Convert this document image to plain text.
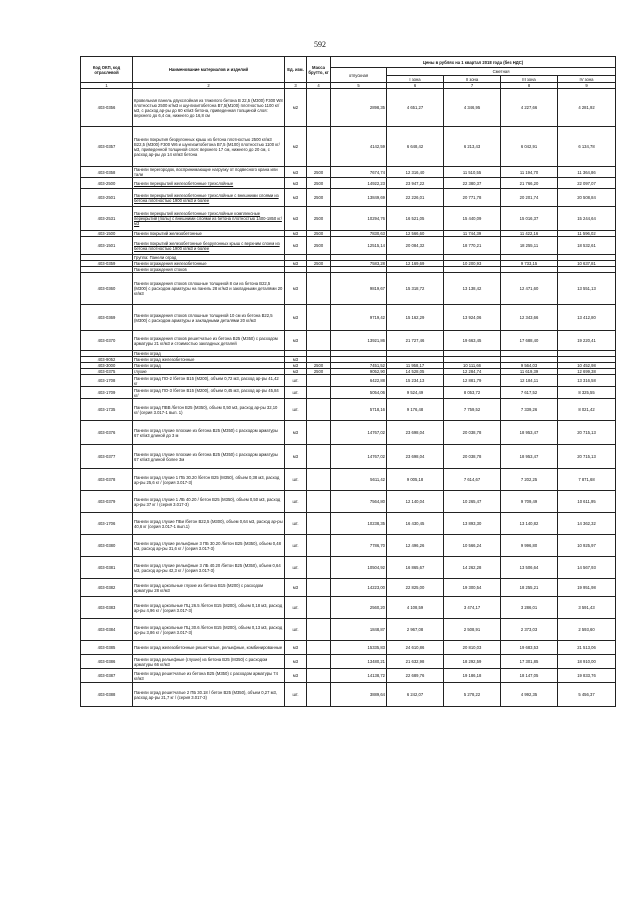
592
Код ОКП, код отраслевой	Наименование материалов и изделий	Ед. изм.	Масса брутто, кг	Цены в рублях на 1 квартал 2018 года (без НДС)				
				отпускная	Сметная			
					I зона	II зона	III зона	IV зона
1	2	3	4	5	6	7	8	9
403-0356	Кровельная панель двухслойная из тяжелого бетона В 22,5 (М300) F300 W8 плотностью 2500 кг/м3 и шунгизитобетона В7,5(М100) плотностью 1100 кг/м3, с расход ар-ры до 60 кг/м3 бетона, приведенная толщиной слоя: верхнего до 6,4 см, нижнего до 16,8 см	м2		2898,35	4 651,27	4 346,95	4 227,66	4 281,92
403-0357	Панели покрытия безрулонных крыш из бетона плотностью 2500 кг/м3 В22,5 (М300) F300 W6 и шунгизитобетона В7,5 (М100) плотностью 1100 кг/м3, приведенной толщиной слоя: верхнего 17 см, нижнего до 20 см, с расход ар-ры до 14 кг/м3 бетона	м2		4142,59	6 648,42	6 213,43	6 042,91	6 134,78
403-0358	Панели перегородок, воспринимающие нагрузку от подвесного крана или тали	м3	2500	7674,74	12 316,40	11 510,55	11 194,70	11 364,86
403-2500	Панели перекрытий железобетонные трехслойные	м3	2500	14922,23	23 947,22	22 380,37	21 766,20	22 097,07
403-2501	Панели перекрытий железобетонные трехслойные с внешними слоями из бетона плотностью 1900 кг/м3 и более	м3	2500	13849,69	22 226,01	20 771,78	20 201,74	20 508,84
403-2531	Панели перекрытий железобетонные трехслойные комплексные перекрытий (полы) с внешними слоями из бетона плотностью 1400-1850 кг/м3	м3	2500	10294,76	16 521,05	15 440,09	15 016,37	15 244,64
403-1500	Панели покрытий железобетонные	м3	2500	7830,63	12 566,60	11 744,39	11 422,16	11 596,02
403-1501	Панели покрытий железобетонные безрулонных крыш с верхним слоем из бетона плотностью 1900 кг/м3 и более	м3	2500	12515,14	20 084,32	18 770,21	18 255,11	18 532,61
	Группа: Панели оград							
403-0359	Панели ограждения железобетонные	м3	2500	7583,28	12 169,69	10 200,93	9 733,15	10 637,81
	Панели ограждения стоков							
403-0360	Панели ограждения стоков сплошные толщиной 8 см из бетона В22,5 (М300) с расходом арматуры на панель 28 кг/м3 и закладными деталями 20 кг/м3	м3		9819,67	15 318,72	13 138,42	12 471,60	13 551,13
403-0369	Панели ограждения стоков сплошные толщиной 10 см из бетона В22,5 (М300) с расходом арматуры и закладными деталями 20 кг/м3	м3		9719,42	15 162,29	13 924,06	12 343,66	13 412,80
403-0370	Панели ограждения стоков решетчатые из бетона В25 (М350) с расходом арматуры 21 кг/м3 и стоимостью закладных деталей	м3		13921,86	21 727,46	19 663,45	17 688,40	19 220,41
	Панели оград							
403-9052	Панели оград железобетонные	м3						
403-3000	Панели оград	м3	2500	7451,52	11 958,17	10 111,66	9 564,03	10 452,98
403-0375	глухие	м3	2500	9052,90	14 528,05	12 284,74	11 619,39	12 699,38
403-1708	Панели оград ПО-2 /бетон В15 (М200), объем 0,72 м3, расход ар-ры 41,42 кг	шт.		6422,88	15 234,13	12 881,79	12 184,11	13 316,58
403-1709	Панели оград ПО-3 /бетон В15 (М200), объем 0,45 м3, расход ар-ры 45,84 кг/	шт.		5054,06	9 524,49	8 053,72	7 617,52	8 325,55
403-1735	Панели оград ПВВ /бетон В25 (М350), объем 0,50 м3, расход ар-ры 32,10 кг/ (серия 3.017-1 вып. 1)	шт.		5718,16	9 176,48	7 759,52	7 339,26	8 021,42
403-0376	Панели оград глухие плоские из бетона В25 (М350) с расходом арматуры 67 кг/м3 длиной до 3 м	м3		14767,02	23 698,04	20 038,78	18 953,47	20 715,13
403-0377	Панели оград глухие плоские из бетона В25 (М350) с расходом арматуры 67 кг/м3 длиной более 3м	м3		14767,02	23 698,04	20 038,78	18 953,47	20 715,13
403-0378	Панели оград глухие 1 ПБ 30.20 /бетон В25 (М350), объем 0,38 м3, расход ар-ры 25,6 кг / (серия 3.017-3)	шт.		5611,42	9 005,18	7 614,67	7 202,25	7 871,68
403-0379	Панели оград глухие 1 ЛБ 40.20 / бетон В25 (М350), объем 0,50 м3, расход ар-ры 37 кг / (серия 3.017-3)	шт.		7564,80	12 140,04	10 265,47	9 709,49	10 611,95
403-1706	Панели оград глухие ПБи /бетон В22,5 (М300), объем 0,64 м3, расход ар-ры 40,6 кг (серия 3.017-1 вып.1)	шт.		10238,35	16 430,45	13 893,30	13 140,82	14 362,32
403-0380	Панели оград глухие рельефные 3 ПБ 30.20 /бетон В25 (М350), объем 0,48 м3, расход ар-ры 31,6 кг / (серия 3.017-3)	шт.		7786,70	12 496,26	10 566,24	9 996,80	10 925,97
403-0381	Панели оград глухие рельефные 3 ЛБ 40.20 /бетон В25 (М350), объем 0,64 м3, расход ар-ры 42,3 кг / (серия 3.017-3)	шт.		10504,92	16 865,67	14 262,28	13 506,64	14 567,93
403-0382	Панели оград цокольные глухие из бетона В15 (М200) с расходом арматуры 28 кг/м3	м3		14223,00	22 825,00	19 300,54	18 255,21	19 951,98
403-0383	Панели оград цокольные ПЦ 26.5 /бетон В15 (М200), объем 0,18 м3, расход ар-ры 4,96 кг / (серия 3.017-3)	шт.		2560,20	4 108,59	3 474,17	3 286,01	3 591,43
403-0384	Панели оград цокольные ПЦ 30.6 /бетон В15 (М200), объем 0,13 м3, расход ар-ры 3,86 кг / (серия 3.017-3)	шт.		1848,87	2 967,08	2 508,91	2 373,03	2 593,60
403-0385	Панели оград железобетонные решетчатые, рельефные, комбинированные	м3		15335,83	24 610,86	20 810,03	19 683,53	21 513,06
403-0386	Панели оград рельефные (глухие) из бетона В25 (М350) с расходом арматуры 66 кг/м3	м3		13480,21	21 632,98	18 292,59	17 301,85	18 910,00
403-0387	Панели оград решетчатые из бетона В25 (М350) с расходом арматуры 74 кг/м3	м3		14138,72	22 689,76	19 186,18	18 147,05	19 833,76
403-0388	Панели оград решетчатые 2 ПБ 30.18 / бетон В25 (М350), объем 0,27 м3, расход ар-ры 21,7 кг / (серия 3.017-3)	шт.		3889,64	6 242,07	5 278,22	4 992,35	5 456,37
